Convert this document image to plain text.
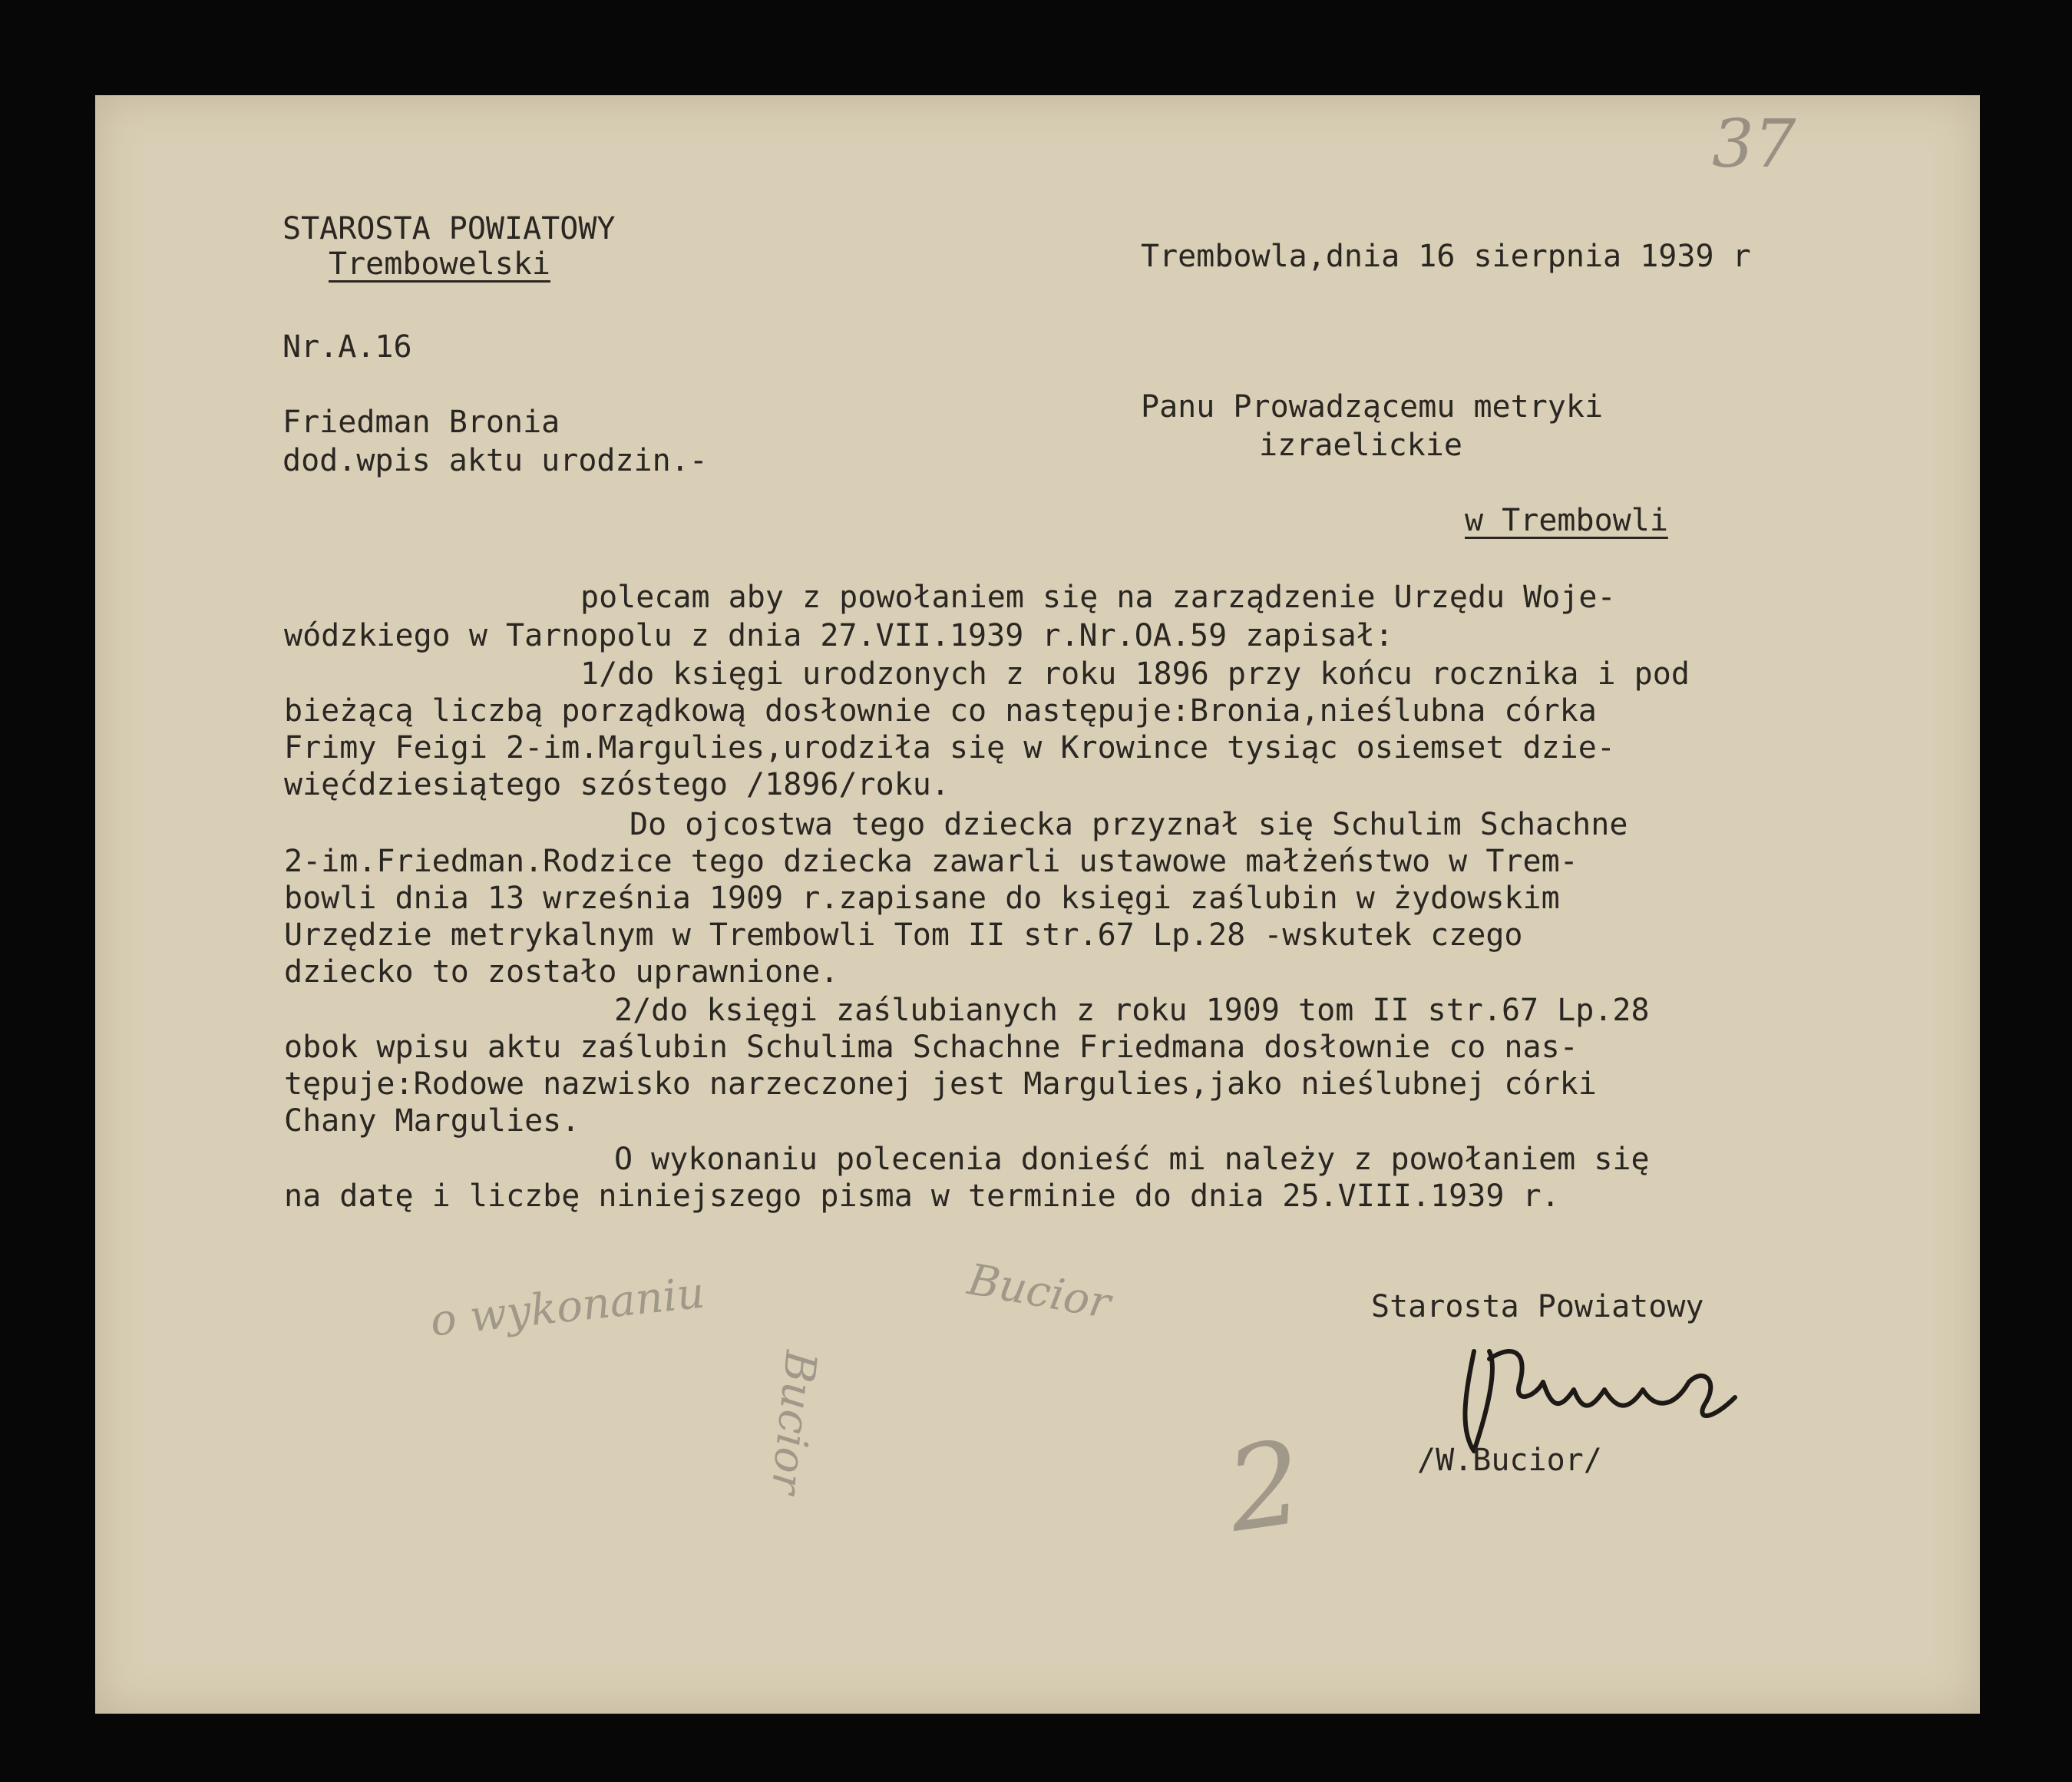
37
STAROSTA POWIATOWY
Trembowelski	Trembowla,dnia 16 sierpnia 1939 r
Nr.A.16
Friedman Bronia
dod.wpis aktu urodzin.-
Panu Prowadzącemu metryki
izraelickie
w Trembowli
polecam aby z powołaniem się na zarządzenie Urzędu Woje-
wódzkiego w Tarnopolu z dnia 27.VII.1939 r.Nr.OA.59 zapisał:
1/do księgi urodzonych z roku 1896 przy końcu rocznika i pod
bieżącą liczbą porządkową dosłownie co następuje:Bronia,nieślubna córka
Frimy Feigi 2-im.Margulies,urodziła się w Krowince tysiąc osiemset dzie-
więćdziesiątego szóstego /1896/roku.
Do ojcostwa tego dziecka przyznał się Schulim Schachne
2-im.Friedman.Rodzice tego dziecka zawarli ustawowe małżeństwo w Trem-
bowli dnia 13 września 1909 r.zapisane do księgi zaślubin w żydowskim
Urzędzie metrykalnym w Trembowli Tom II str.67 Lp.28 -wskutek czego
dziecko to zostało uprawnione.
2/do księgi zaślubianych z roku 1909 tom II str.67 Lp.28
obok wpisu aktu zaślubin Schulima Schachne Friedmana dosłownie co nas-
tępuje:Rodowe nazwisko narzeczonej jest Margulies,jako nieślubnej córki
Chany Margulies.
O wykonaniu polecenia donieść mi należy z powołaniem się
na datę i liczbę niniejszego pisma w terminie do dnia 25.VIII.1939 r.
Starosta Powiatowy
/W.Bucior/
o wykonaniu	Bucior
Bucior	2
